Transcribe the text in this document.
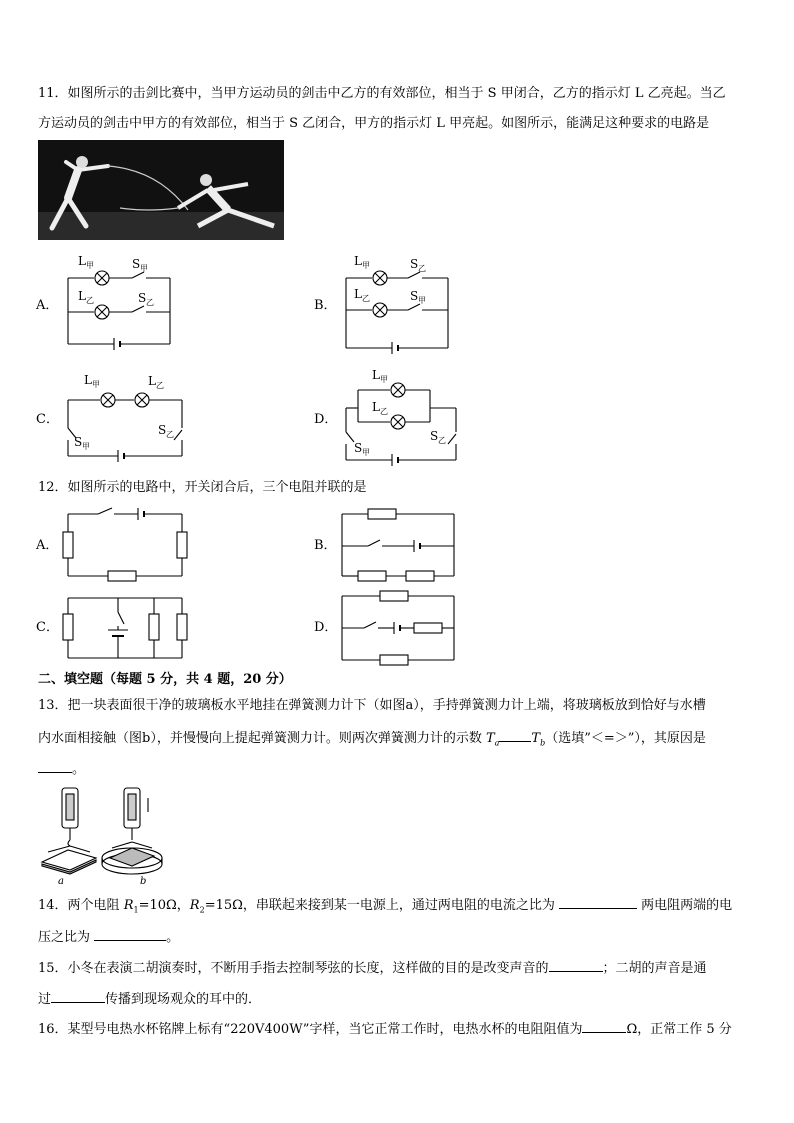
11．如图所示的击剑比赛中，当甲方运动员的剑击中乙方的有效部位，相当于 S 甲闭合，乙方的指示灯 L 乙亮起。当乙
方运动员的剑击中甲方的有效部位，相当于 S 乙闭合，甲方的指示灯 L 甲亮起。如图所示，能满足这种要求的电路是
A．	B．
C．	D．
L 甲	S 甲
L 乙	S 乙
L 甲	S 乙
L 乙	S 甲
L 甲	L 乙
S 甲
S 乙
L 甲
L 乙
S 甲
S 乙
12．如图所示的电路中，开关闭合后，三个电阻并联的是
A．	B．
C．	D．
二、填空题（每题 5 分，共 4 题，20 分）
13．把一块表面很干净的玻璃板水平地挂在弹簧测力计下（如图a），手持弹簧测力计上端，将玻璃板放到恰好与水槽
内水面相接触（图b），并慢慢向上提起弹簧测力计。则两次弹簧测力计的示数 $T_a$ $T_b$（选填”＜=＞”），其原因是
。
a	b
14．两个电阻 $R_1=10\Omega$，$R_2=15\Omega$，串联起来接到某一电源上，通过两电阻的电流之比为	两电阻两端的电
压之比为	。
15．小冬在表演二胡演奏时，不断用手指去控制琴弦的长度，这样做的目的是改变声音的	；二胡的声音是通
过	传播到现场观众的耳中的．
16．某型号电热水杯铭牌上标有“220V400W”字样，当它正常工作时，电热水杯的电阻阻值为	Ω，正常工作 5 分
